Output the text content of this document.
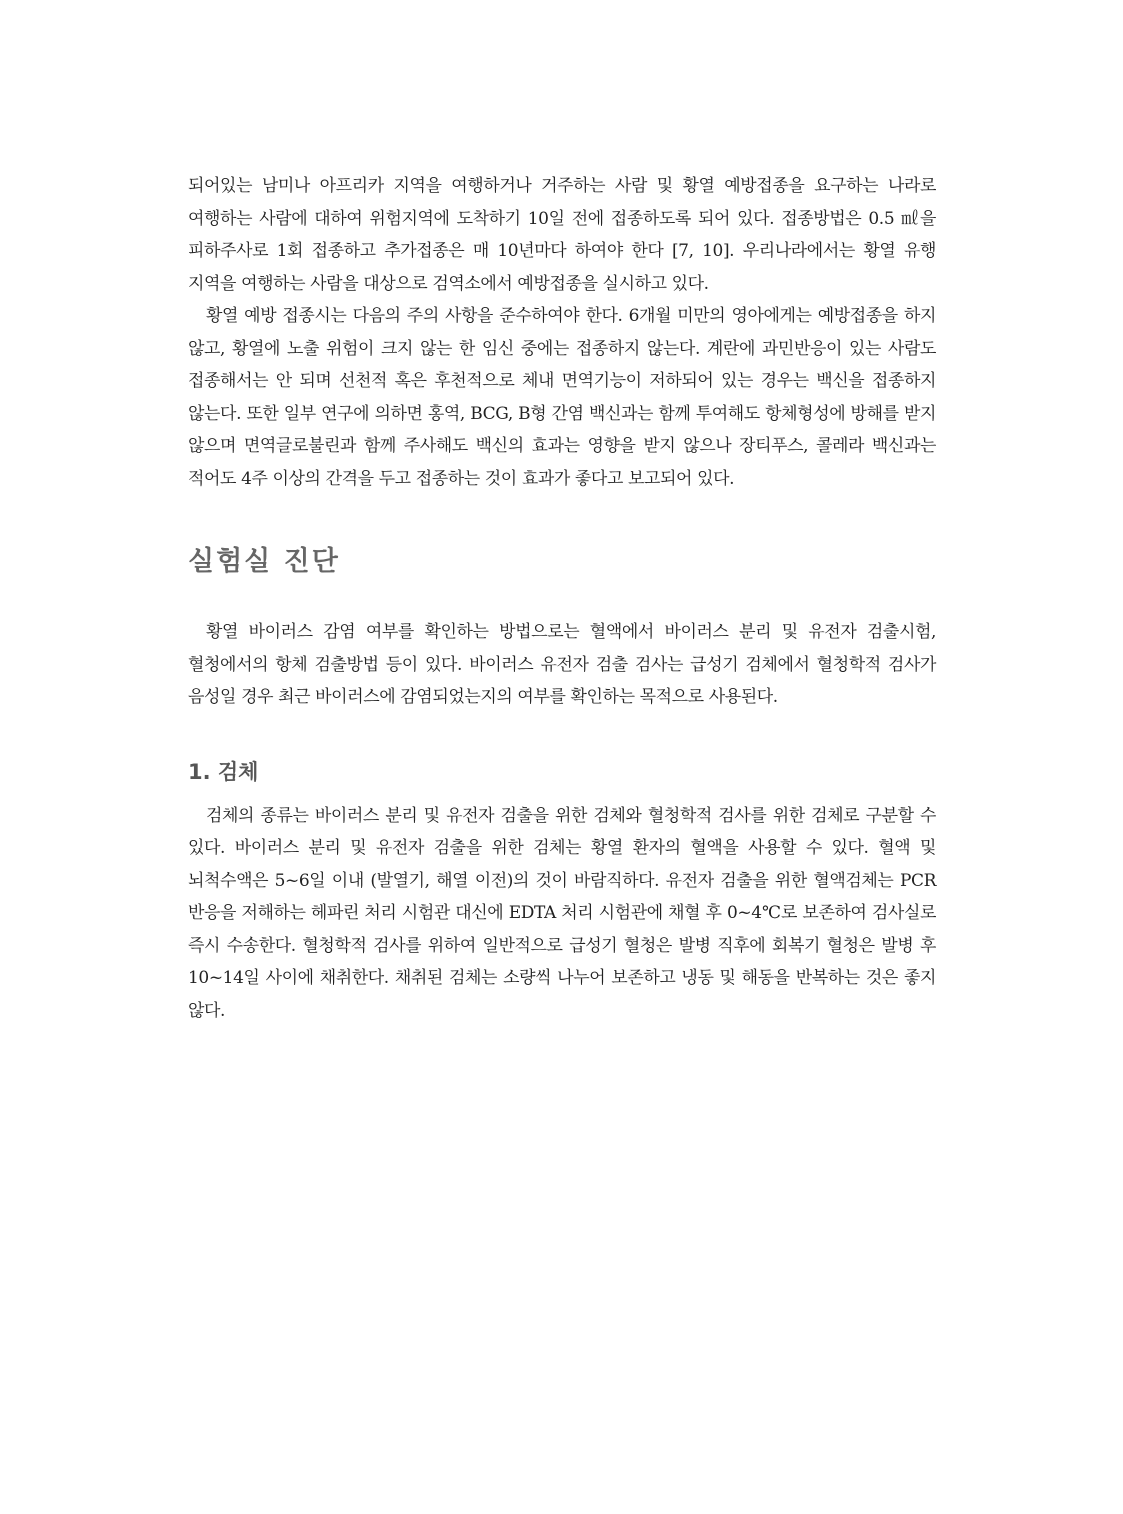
되어있는 남미나 아프리카 지역을 여행하거나 거주하는 사람 및 황열 예방접종을 요구하는 나라로 여행하는 사람에 대하여 위험지역에 도착하기 10일 전에 접종하도록 되어 있다. 접종방법은 0.5 ㎖을 피하주사로 1회 접종하고 추가접종은 매 10년마다 하여야 한다 [7, 10]. 우리나라에서는 황열 유행 지역을 여행하는 사람을 대상으로 검역소에서 예방접종을 실시하고 있다.

황열 예방 접종시는 다음의 주의 사항을 준수하여야 한다. 6개월 미만의 영아에게는 예방접종을 하지 않고, 황열에 노출 위험이 크지 않는 한 임신 중에는 접종하지 않는다. 계란에 과민반응이 있는 사람도 접종해서는 안 되며 선천적 혹은 후천적으로 체내 면역기능이 저하되어 있는 경우는 백신을 접종하지 않는다. 또한 일부 연구에 의하면 홍역, BCG, B형 간염 백신과는 함께 투여해도 항체형성에 방해를 받지 않으며 면역글로불린과 함께 주사해도 백신의 효과는 영향을 받지 않으나 장티푸스, 콜레라 백신과는 적어도 4주 이상의 간격을 두고 접종하는 것이 효과가 좋다고 보고되어 있다.

실험실 진단

황열 바이러스 감염 여부를 확인하는 방법으로는 혈액에서 바이러스 분리 및 유전자 검출시험, 혈청에서의 항체 검출방법 등이 있다. 바이러스 유전자 검출 검사는 급성기 검체에서 혈청학적 검사가 음성일 경우 최근 바이러스에 감염되었는지의 여부를 확인하는 목적으로 사용된다.

1. 검체

검체의 종류는 바이러스 분리 및 유전자 검출을 위한 검체와 혈청학적 검사를 위한 검체로 구분할 수 있다. 바이러스 분리 및 유전자 검출을 위한 검체는 황열 환자의 혈액을 사용할 수 있다. 혈액 및 뇌척수액은 5~6일 이내 (발열기, 해열 이전)의 것이 바람직하다. 유전자 검출을 위한 혈액검체는 PCR 반응을 저해하는 헤파린 처리 시험관 대신에 EDTA 처리 시험관에 채혈 후 0~4℃로 보존하여 검사실로 즉시 수송한다. 혈청학적 검사를 위하여 일반적으로 급성기 혈청은 발병 직후에 회복기 혈청은 발병 후 10~14일 사이에 채취한다. 채취된 검체는 소량씩 나누어 보존하고 냉동 및 해동을 반복하는 것은 좋지 않다.
